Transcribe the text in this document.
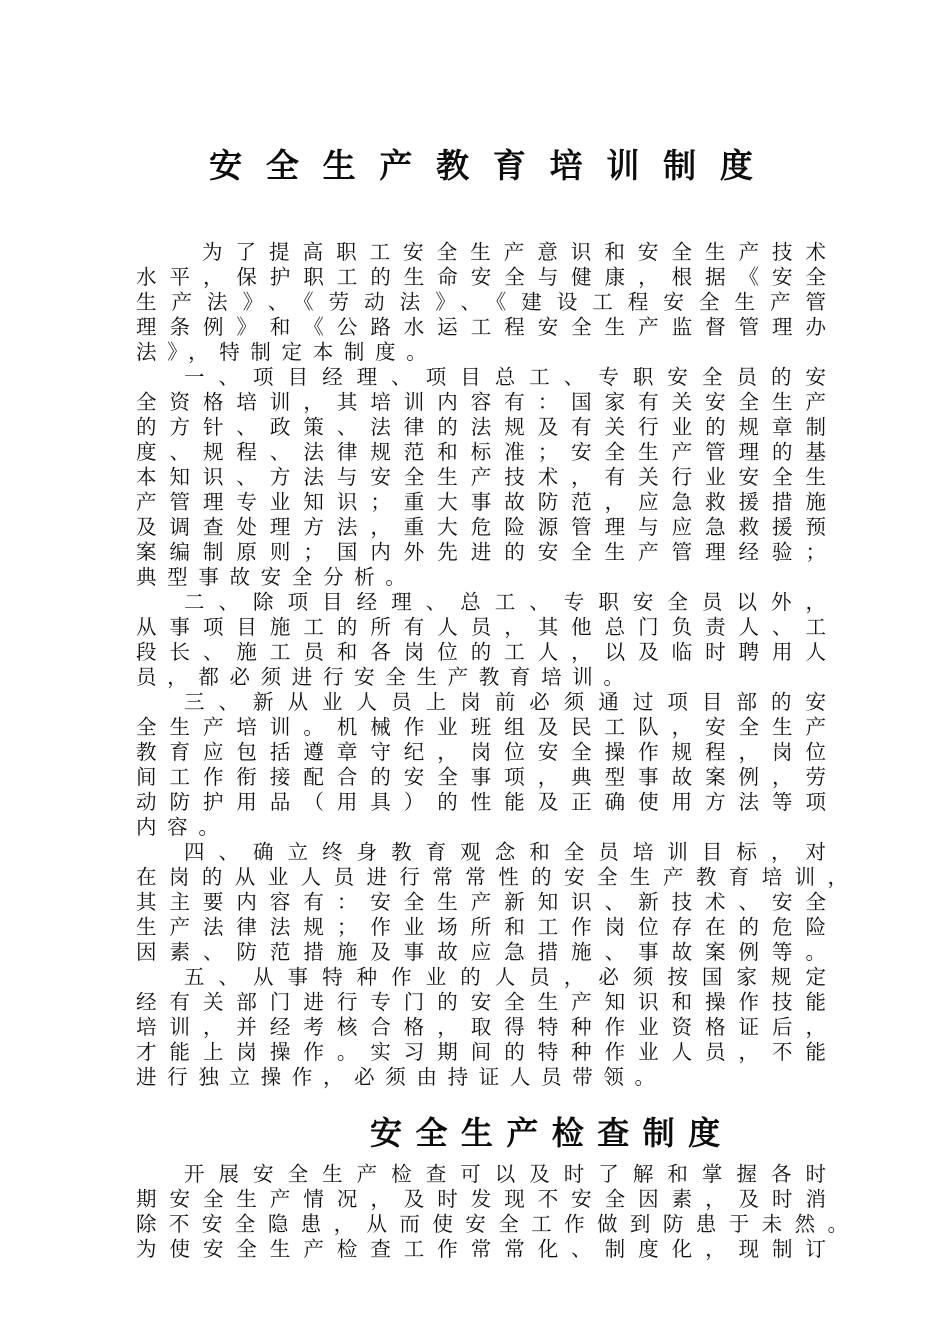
安全生产教育培训制度
为了提高职工安全生产意识和安全生产技术
水平，保护职工的生命安全与健康，根据《安全
生产法》、《劳动法》、《建设工程安全生产管
理条例》和《公路水运工程安全生产监督管理办
法》，特制定本制度。
一、项目经理、项目总工、专职安全员的安
全资格培训，其培训内容有：国家有关安全生产
的方针、政策、法律的法规及有关行业的规章制
度、规程、法律规范和标准；安全生产管理的基
本知识、方法与安全生产技术，有关行业安全生
产管理专业知识；重大事故防范，应急救援措施
及调查处理方法，重大危险源管理与应急救援预
案编制原则；国内外先进的安全生产管理经验；
典型事故安全分析。
二、除项目经理、总工、专职安全员以外，
从事项目施工的所有人员，其他总门负责人、工
段长、施工员和各岗位的工人，以及临时聘用人
员，都必须进行安全生产教育培训。
三、新从业人员上岗前必须通过项目部的安
全生产培训。机械作业班组及民工队，安全生产
教育应包括遵章守纪，岗位安全操作规程，岗位
间工作衔接配合的安全事项，典型事故案例，劳
动防护用品（用具）的性能及正确使用方法等项
内容。
四、确立终身教育观念和全员培训目标，对
在岗的从业人员进行常常性的安全生产教育培训，
其主要内容有：安全生产新知识、新技术、安全
生产法律法规；作业场所和工作岗位存在的危险
因素、防范措施及事故应急措施、事故案例等。
五、从事特种作业的人员，必须按国家规定
经有关部门进行专门的安全生产知识和操作技能
培训，并经考核合格，取得特种作业资格证后，
才能上岗操作。实习期间的特种作业人员，不能
进行独立操作，必须由持证人员带领。
安全生产检查制度
开展安全生产检查可以及时了解和掌握各时
期安全生产情况，及时发现不安全因素，及时消
除不安全隐患，从而使安全工作做到防患于未然。
为使安全生产检查工作常常化、制度化，现制订
